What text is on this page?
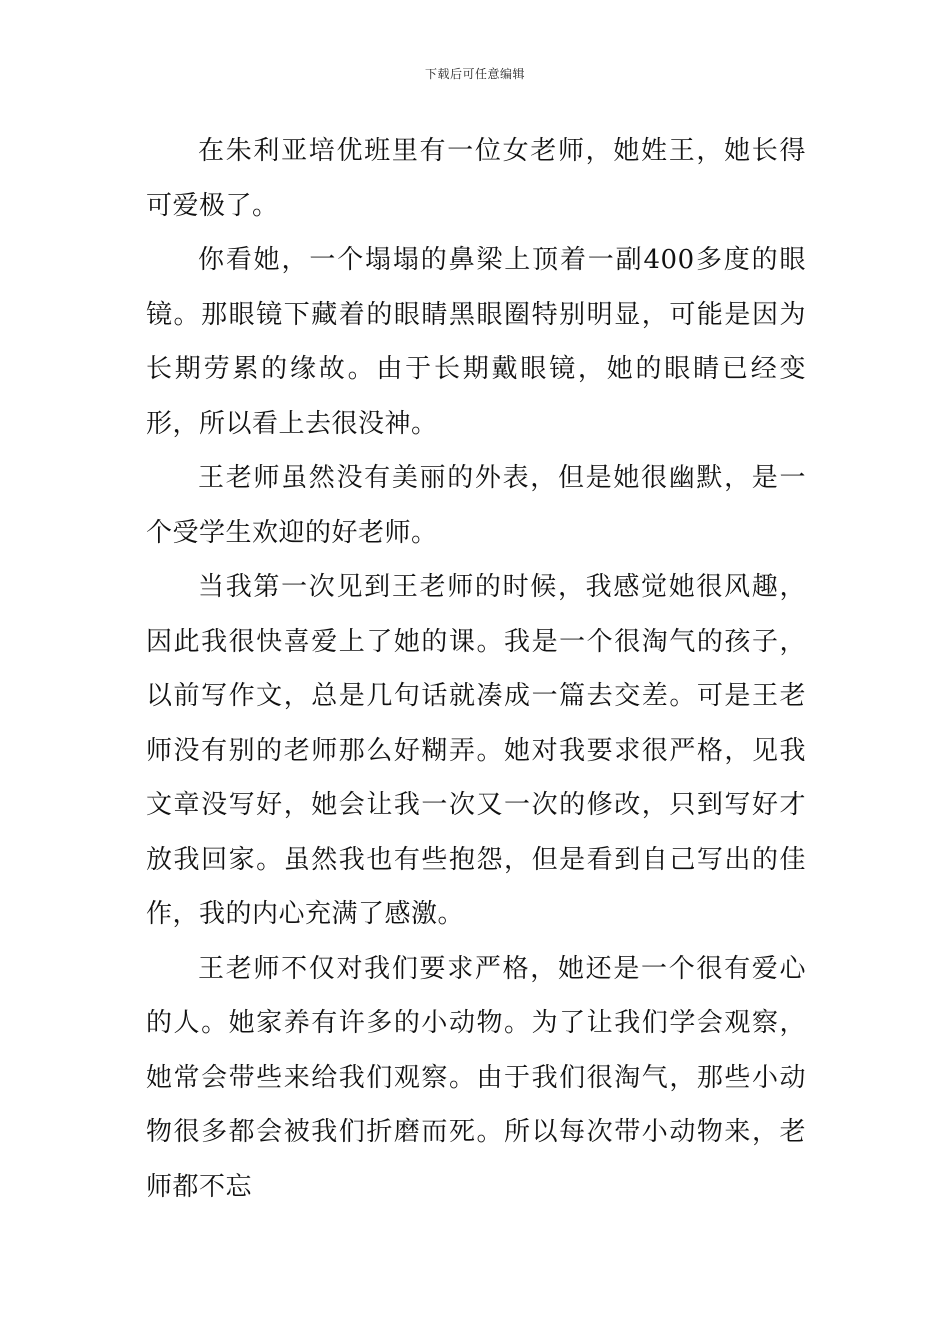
下载后可任意编辑

在朱利亚培优班里有一位女老师，她姓王，她长得可爱极了。

你看她，一个塌塌的鼻梁上顶着一副400多度的眼镜。那眼镜下藏着的眼睛黑眼圈特别明显，可能是因为长期劳累的缘故。由于长期戴眼镜，她的眼睛已经变形，所以看上去很没神。

王老师虽然没有美丽的外表，但是她很幽默，是一个受学生欢迎的好老师。

当我第一次见到王老师的时候，我感觉她很风趣，因此我很快喜爱上了她的课。我是一个很淘气的孩子，以前写作文，总是几句话就凑成一篇去交差。可是王老师没有别的老师那么好糊弄。她对我要求很严格，见我文章没写好，她会让我一次又一次的修改，只到写好才放我回家。虽然我也有些抱怨，但是看到自己写出的佳作，我的内心充满了感激。

王老师不仅对我们要求严格，她还是一个很有爱心的人。她家养有许多的小动物。为了让我们学会观察，她常会带些来给我们观察。由于我们很淘气，那些小动物很多都会被我们折磨而死。所以每次带小动物来，老师都不忘
